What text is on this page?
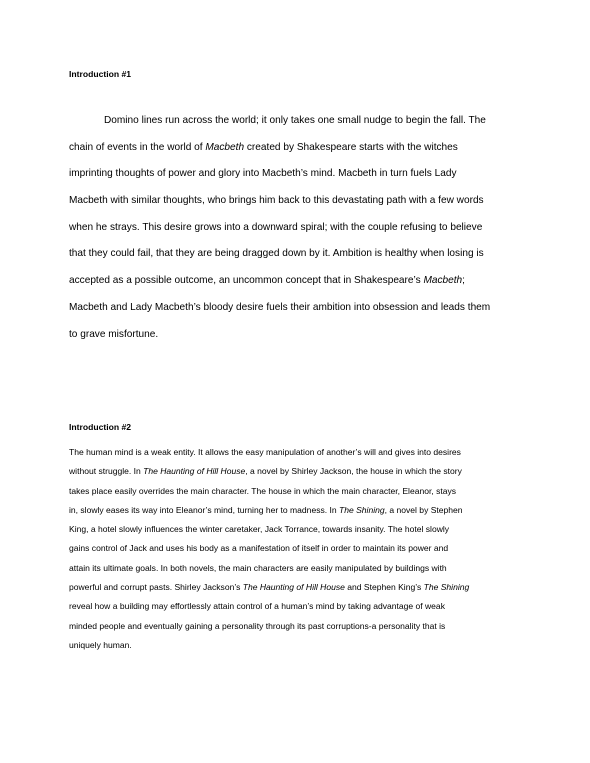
Introduction #1
Domino lines run across the world; it only takes one small nudge to begin the fall. The
chain of events in the world of Macbeth created by Shakespeare starts with the witches
imprinting thoughts of power and glory into Macbeth’s mind. Macbeth in turn fuels Lady
Macbeth with similar thoughts, who brings him back to this devastating path with a few words
when he strays. This desire grows into a downward spiral; with the couple refusing to believe
that they could fail, that they are being dragged down by it. Ambition is healthy when losing is
accepted as a possible outcome, an uncommon concept that in Shakespeare’s Macbeth;
Macbeth and Lady Macbeth’s bloody desire fuels their ambition into obsession and leads them
to grave misfortune.
Introduction #2
The human mind is a weak entity. It allows the easy manipulation of another’s will and gives into desires
without struggle. In The Haunting of Hill House, a novel by Shirley Jackson, the house in which the story
takes place easily overrides the main character. The house in which the main character, Eleanor, stays
in, slowly eases its way into Eleanor’s mind, turning her to madness. In The Shining, a novel by Stephen
King, a hotel slowly influences the winter caretaker, Jack Torrance, towards insanity. The hotel slowly
gains control of Jack and uses his body as a manifestation of itself in order to maintain its power and
attain its ultimate goals. In both novels, the main characters are easily manipulated by buildings with
powerful and corrupt pasts. Shirley Jackson’s The Haunting of Hill House and Stephen King’s The Shining
reveal how a building may effortlessly attain control of a human’s mind by taking advantage of weak
minded people and eventually gaining a personality through its past corruptions-a personality that is
uniquely human.
